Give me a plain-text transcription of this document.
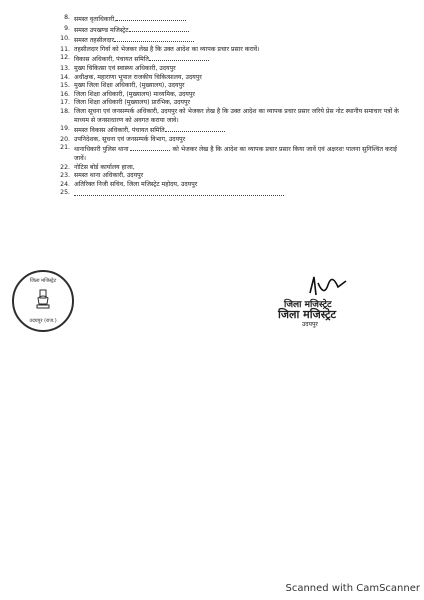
8. समस्त वृताधिकारी,
9. समस्त उपखण्ड मजिस्ट्रेट
10. समस्त तहसीलदार
11. तहसीलदार गिर्वा को भेजकर लेख है कि उक्त आदेश का व्यापक प्रचार प्रसार करावें।
12. विकास अधिकारी, पंचायत समिति
13. मुख्य चिकित्सा एवं स्वास्थ्य अधिकारी, उदयपुर
14. अधीक्षक, महाराणा भूपाल राजकीय चिकित्सालय, उदयपुर
15. मुख्य जिला शिक्षा अधिकारी, (मुख्यालय), उदयपुर
16. जिला शिक्षा अधिकारी, (मुख्यालय) माध्यमिक, उदयपुर
17. जिला शिक्षा अधिकारी (मुख्यालय) प्रारंभिक, उदयपुर
18. जिला सूचना एवं जनसम्पर्क अधिकारी, उदयपुर को भेजकर लेख है कि उक्त आदेश का व्यापक प्रचार प्रसार जरिये प्रेस नोट स्थानीय समाचार पत्रों के माध्यम से जनसाधारण को अवगत कराया जावे।
19. समस्त विकास अधिकारी, पंचायत समिति
20. उपनिदेशक, सूचना एवं जनसम्पर्क विभाग, उदयपुर
21. थानाधिकारी पुलिस थाना	को भेजकर लेख है कि आदेश का व्यापक प्रचार प्रसार किया जावें एवं अक्षरशः पालना सुनिश्चित कराई जावें।
22. नोटिस बोर्ड कार्यालय हाजा,
23. समस्त थाना अधिकारी, उदयपुर
24. अतिरिक्त निजी सचिव, जिला मजिस्ट्रेट महोदय, उदयपुर
25.
जिला मजिस्ट्रेट
उदयपुर (राज.)
जिला मजिस्ट्रेट
जिला मजिस्ट्रेट
उदयपुर
Scanned with CamScanner
